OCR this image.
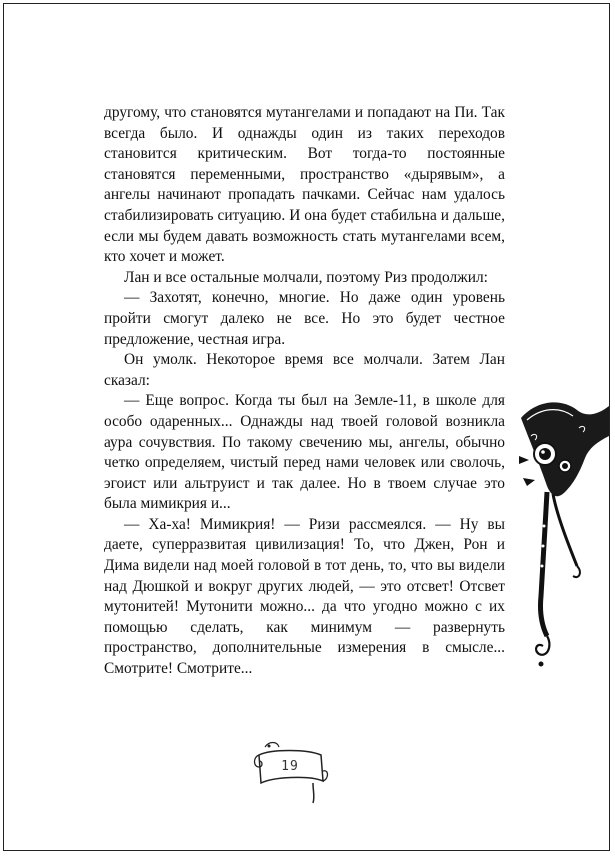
другому, что становятся мутангелами и попадают на Пи. Так всегда было. И однажды один из таких переходов становится критическим. Вот тогда-то постоянные становятся переменными, пространство «дырявым», а ангелы начинают пропадать пачками. Сейчас нам удалось стабилизировать ситуацию. И она будет стабильна и дальше, если мы будем давать возможность стать мутангелами всем, кто хочет и может.

Лан и все остальные молчали, поэтому Риз продолжил:

— Захотят, конечно, многие. Но даже один уровень пройти смогут далеко не все. Но это будет честное предложение, честная игра.

Он умолк. Некоторое время все молчали. Затем Лан сказал:

— Еще вопрос. Когда ты был на Земле-11, в школе для особо одаренных... Однажды над твоей головой возникла аура сочувствия. По такому свечению мы, ангелы, обычно четко определяем, чистый перед нами человек или сволочь, эгоист или альтруист и так далее. Но в твоем случае это была мимикрия и...

— Ха-ха! Мимикрия! — Ризи рассмеялся. — Ну вы даете, суперразвитая цивилизация! То, что Джен, Рон и Дима видели над моей головой в тот день, то, что вы видели над Дюшкой и вокруг других людей, — это отсвет! Отсвет мутонитей! Мутонити можно... да что угодно можно с их помощью сделать, как минимум — развернуть пространство, дополнительные измерения в смысле... Смотрите! Смотрите...

19
